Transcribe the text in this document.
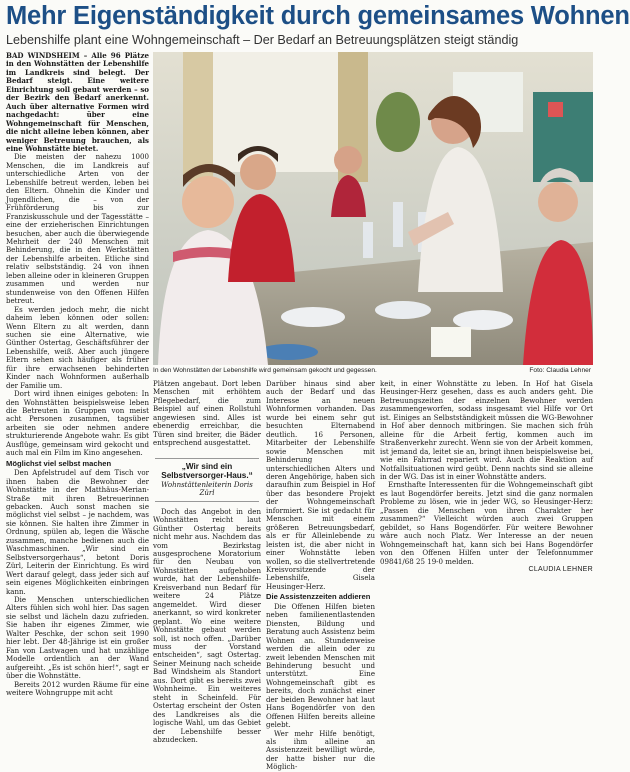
Mehr Eigenständigkeit durch gemeinsames Wohnen
Lebenshilfe plant eine Wohngemeinschaft – Der Bedarf an Betreuungsplätzen steigt ständig

BAD WINDSHEIM – Alle 96 Plätze in den Wohnstätten der Lebenshilfe im Landkreis sind belegt. Der Bedarf steigt. Eine weitere Einrichtung soll gebaut werden – so der Bezirk den Bedarf anerkennt. Auch über alternative Formen wird nachgedacht: über eine Wohngemeinschaft für Menschen, die nicht alleine leben können, aber weniger Betreuung brauchen, als eine Wohnstätte bietet.

Die meisten der nahezu 1000 Menschen, die im Landkreis auf unterschiedliche Arten von der Lebenshilfe betreut werden, leben bei den Eltern. Ohnehin die Kinder und Jugendlichen, die – von der Frühförderung bis zur Franziskusschule und der Tagesstätte – eine der erzieherischen Einrichtungen besuchen, aber auch die überwiegende Mehrheit der 240 Menschen mit Behinderung, die in den Werkstätten der Lebenshilfe arbeiten. Etliche sind relativ selbstständig. 24 von ihnen leben alleine oder in kleineren Gruppen zusammen und werden nur stundenweise von den Offenen Hilfen betreut.

Es werden jedoch mehr, die nicht daheim leben können oder sollen: Wenn Eltern zu alt werden, dann suchen sie eine Alternative, wie Günther Ostertag, Geschäftsführer der Lebenshilfe, weiß. Aber auch jüngere Eltern sehen sich häufiger als früher für ihre erwachsenen behinderten Kinder nach Wohnformen außerhalb der Familie um.

Dort wird ihnen einiges geboten: In den Wohnstätten beispielsweise leben die Betreuten in Gruppen von meist acht Personen zusammen, tagsüber arbeiten sie oder nehmen andere strukturierende Angebote wahr. Es gibt Ausflüge, gemeinsam wird gekocht und auch mal ein Film im Kino angesehen.

Möglichst viel selbst machen

Den Apfelstrudel auf dem Tisch vor ihnen haben die Bewohner der Wohnstätte in der Matthäus-Merian-Straße mit ihren Betreuerinnen gebacken. Auch sonst machen sie möglichst viel selbst – je nachdem, was sie können. Sie halten ihre Zimmer in Ordnung, spülen ab, legen die Wäsche zusammen, manche bedienen auch die Waschmaschinen. „Wir sind ein Selbstversorgerhaus“, betont Doris Zürl, Leiterin der Einrichtung. Es wird Wert darauf gelegt, dass jeder sich auf sein eigenes Möglichkeiten einbringen kann.

Die Menschen unterschiedlichen Alters fühlen sich wohl hier. Das sagen sie selbst und lächeln dazu zufrieden. Sie haben ihr eigenes Zimmer, wie Walter Peschke, der schon seit 1990 hier lebt. Der 48-Jährige ist ein großer Fan von Lastwagen und hat unzählige Modelle ordentlich an der Wand aufgereiht. „Es ist schön hier!“, sagt er über die Wohnstätte.

Bereits 2012 wurden Räume für eine weitere Wohngruppe mit acht

In den Wohnstätten der Lebenshilfe wird gemeinsam gekocht und gegessen.	Foto: Claudia Lehner

Plätzen angebaut. Dort leben Menschen mit erhöhtem Pflegebedarf, die zum Beispiel auf einen Rollstuhl angewiesen sind. Alles ist ebenerdig erreichbar, die Türen sind breiter, die Bäder entsprechend ausgestattet.

„Wir sind ein Selbstversorger-Haus.“
Wohnstättenleiterin Doris Zürl

Doch das Angebot in den Wohnstätten reicht laut Günther Ostertag bereits nicht mehr aus. Nachdem das vom Bezirkstag ausgesprochene Moratorium für den Neubau von Wohnstätten aufgehoben wurde, hat der Lebenshilfe-Kreisverband nun Bedarf für weitere 24 Plätze angemeldet. Wird dieser anerkannt, so wird konkreter geplant. Wo eine weitere Wohnstätte gebaut werden soll, ist noch offen. „Darüber muss der Vorstand entscheiden“, sagt Ostertag. Seiner Meinung nach scheide Bad Windsheim als Standort aus. Dort gibt es bereits zwei Wohnheime. Ein weiteres steht in Scheinfeld. Für Ostertag erscheint der Osten des Landkreises als die logische Wahl, um das Gebiet der Lebenshilfe besser abzudecken.

Darüber hinaus sind aber auch der Bedarf und das Interesse an neuen Wohnformen vorhanden. Das wurde bei einem sehr gut besuchten Elternabend deutlich. 16 Personen, Mitarbeiter der Lebenshilfe sowie Menschen mit Behinderung unterschiedlichen Alters und deren Angehörige, haben sich daraufhin zum Beispiel in Hof über das besondere Projekt der Wohngemeinschaft informiert. Sie ist gedacht für Menschen mit einem größeren Betreuungsbedarf, als er für Alleinlebende zu leisten ist, die aber nicht in einer Wohnstätte leben wollen, so die stellvertretende Kreisvorsitzende der Lebenshilfe, Gisela Heusinger-Herz.

Die Assistenzzeiten addieren

Die Offenen Hilfen bieten neben familienentlastenden Diensten, Bildung und Beratung auch Assistenz beim Wohnen an. Stundenweise werden die allein oder zu zweit lebenden Menschen mit Behinderung besucht und unterstützt. Eine Wohngemeinschaft gibt es bereits, doch zunächst einer der beiden Bewohner hat laut Hans Bogendörfer von den Offenen Hilfen bereits alleine gelebt.

Wer mehr Hilfe benötigt, als ihm alleine an Assistenzzeit bewilligt würde, der hatte bisher nur die Möglich-

keit, in einer Wohnstätte zu leben. In Hof hat Gisela Heusinger-Herz gesehen, dass es auch anders geht. Die Betreuungszeiten der einzelnen Bewohner werden zusammengeworfen, sodass insgesamt viel Hilfe vor Ort ist. Einiges an Selbstständigkeit müssen die WG-Bewohner in Hof aber dennoch mitbringen. Sie machen sich früh alleine für die Arbeit fertig, kommen auch im Straßenverkehr zurecht. Wenn sie von der Arbeit kommen, ist jemand da, leitet sie an, bringt ihnen beispielsweise bei, wie ein Fahrrad repariert wird. Auch die Reaktion auf Notfallsituationen wird geübt. Denn nachts sind sie alleine in der WG. Das ist in einer Wohnstätte anders.

Ernsthafte Interessenten für die Wohngemeinschaft gibt es laut Bogendörfer bereits. Jetzt sind die ganz normalen Probleme zu lösen, wie in jeder WG, so Heusinger-Herz: „Passen die Menschen von ihren Charakter her zusammen?“ Vielleicht würden auch zwei Gruppen gebildet, so Hans Bogendörfer. Für weitere Bewohner wäre auch noch Platz. Wer Interesse an der neuen Wohngemeinschaft hat, kann sich bei Hans Bogendörfer von den Offenen Hilfen unter der Telefonnummer 09841/68 25 19-0 melden.

CLAUDIA LEHNER
